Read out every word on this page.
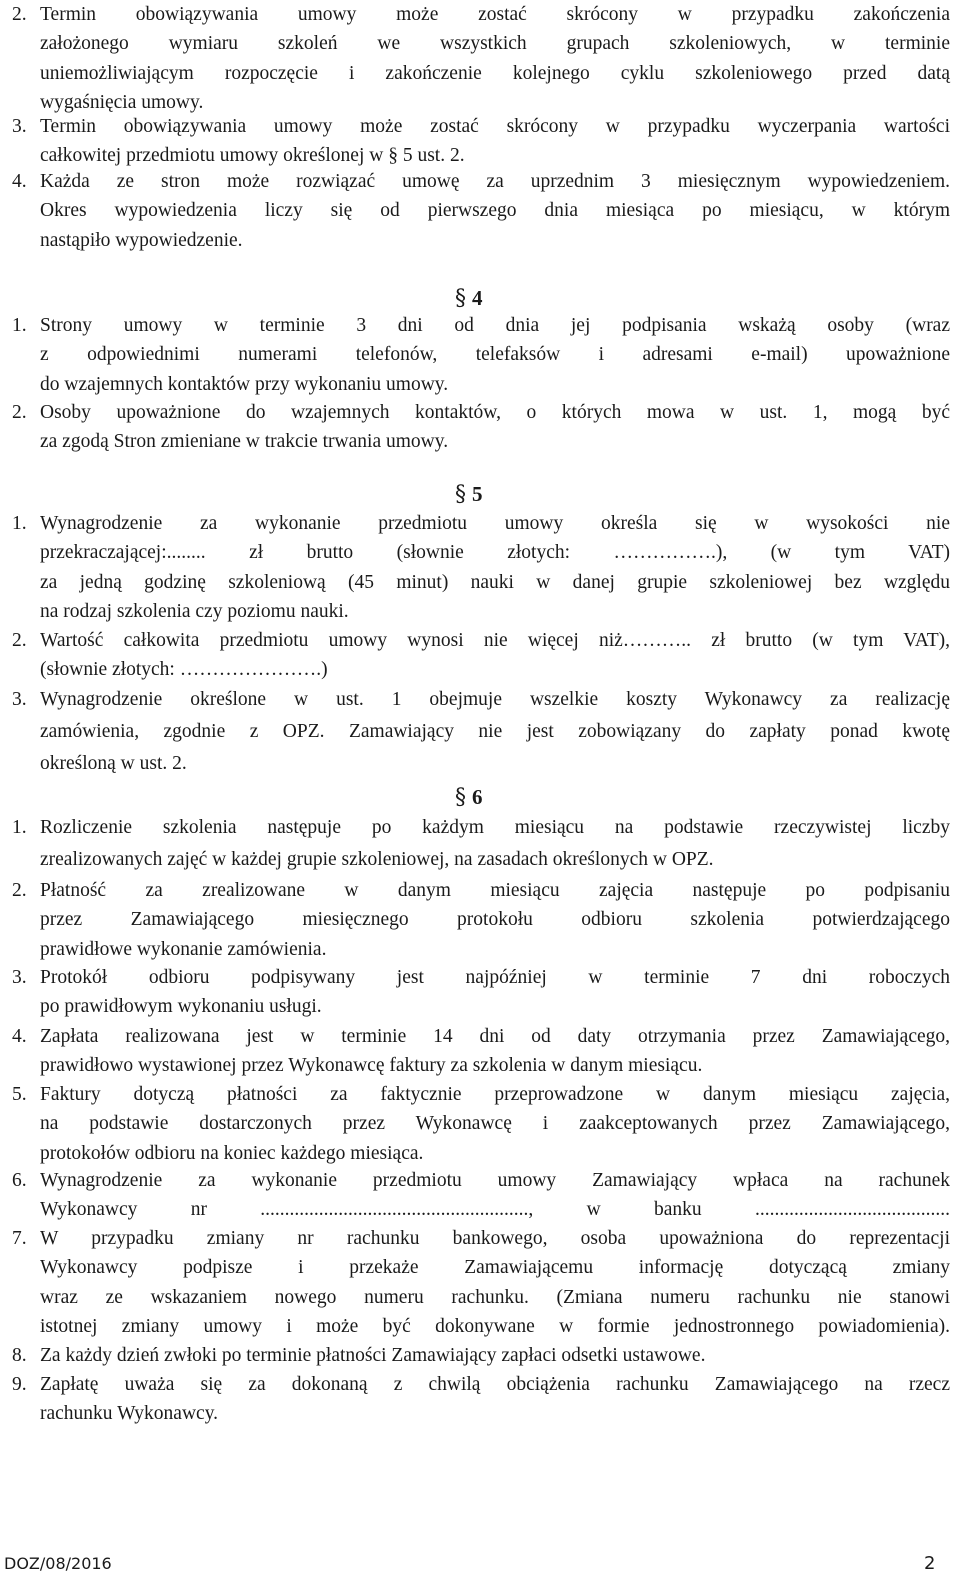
2. Termin obowiązywania umowy może zostać skrócony w przypadku zakończenia
założonego wymiaru szkoleń we wszystkich grupach szkoleniowych, w terminie
uniemożliwiającym rozpoczęcie i zakończenie kolejnego cyklu szkoleniowego przed datą
wygaśnięcia umowy.
3. Termin obowiązywania umowy może zostać skrócony w przypadku wyczerpania wartości
całkowitej przedmiotu umowy określonej w § 5 ust. 2.
4. Każda ze stron może rozwiązać umowę za uprzednim 3 miesięcznym wypowiedzeniem.
Okres wypowiedzenia liczy się od pierwszego dnia miesiąca po miesiącu, w którym
nastąpiło wypowiedzenie.
§ 4
1. Strony umowy w terminie 3 dni od dnia jej podpisania wskażą osoby (wraz
z odpowiednimi numerami telefonów, telefaksów i adresami e-mail) upoważnione
do wzajemnych kontaktów przy wykonaniu umowy.
2. Osoby upoważnione do wzajemnych kontaktów, o których mowa w ust. 1, mogą być
za zgodą Stron zmieniane w trakcie trwania umowy.
§ 5
1. Wynagrodzenie za wykonanie przedmiotu umowy określa się w wysokości nie
przekraczającej:........ zł brutto (słownie złotych: …………….), (w tym VAT)
za jedną godzinę szkoleniową (45 minut) nauki w danej grupie szkoleniowej bez względu
na rodzaj szkolenia czy poziomu nauki.
2. Wartość całkowita przedmiotu umowy wynosi nie więcej niż……….. zł brutto (w tym VAT),
(słownie złotych: ………………….)
3. Wynagrodzenie określone w ust. 1 obejmuje wszelkie koszty Wykonawcy za realizację
zamówienia, zgodnie z OPZ. Zamawiający nie jest zobowiązany do zapłaty ponad kwotę
określoną w ust. 2.
§ 6
1. Rozliczenie szkolenia następuje po każdym miesiącu na podstawie rzeczywistej liczby
zrealizowanych zajęć w każdej grupie szkoleniowej, na zasadach określonych w OPZ.
2. Płatność za zrealizowane w danym miesiącu zajęcia następuje po podpisaniu
przez Zamawiającego miesięcznego protokołu odbioru szkolenia potwierdzającego
prawidłowe wykonanie zamówienia.
3. Protokół odbioru podpisywany jest najpóźniej w terminie 7 dni roboczych
po prawidłowym wykonaniu usługi.
4. Zapłata realizowana jest w terminie 14 dni od daty otrzymania przez Zamawiającego,
prawidłowo wystawionej przez Wykonawcę faktury za szkolenia w danym miesiącu.
5. Faktury dotyczą płatności za faktycznie przeprowadzone w danym miesiącu zajęcia,
na podstawie dostarczonych przez Wykonawcę i zaakceptowanych przez Zamawiającego,
protokołów odbioru na koniec każdego miesiąca.
6. Wynagrodzenie za wykonanie przedmiotu umowy Zamawiający wpłaca na rachunek
Wykonawcy nr ......................................................., w banku ........................................
7. W przypadku zmiany nr rachunku bankowego, osoba upoważniona do reprezentacji
Wykonawcy podpisze i przekaże Zamawiającemu informację dotyczącą zmiany
wraz ze wskazaniem nowego numeru rachunku. (Zmiana numeru rachunku nie stanowi
istotnej zmiany umowy i może być dokonywane w formie jednostronnego powiadomienia).
8. Za każdy dzień zwłoki po terminie płatności Zamawiający zapłaci odsetki ustawowe.
9. Zapłatę uważa się za dokonaną z chwilą obciążenia rachunku Zamawiającego na rzecz
rachunku Wykonawcy.
DOZ/08/2016	2
